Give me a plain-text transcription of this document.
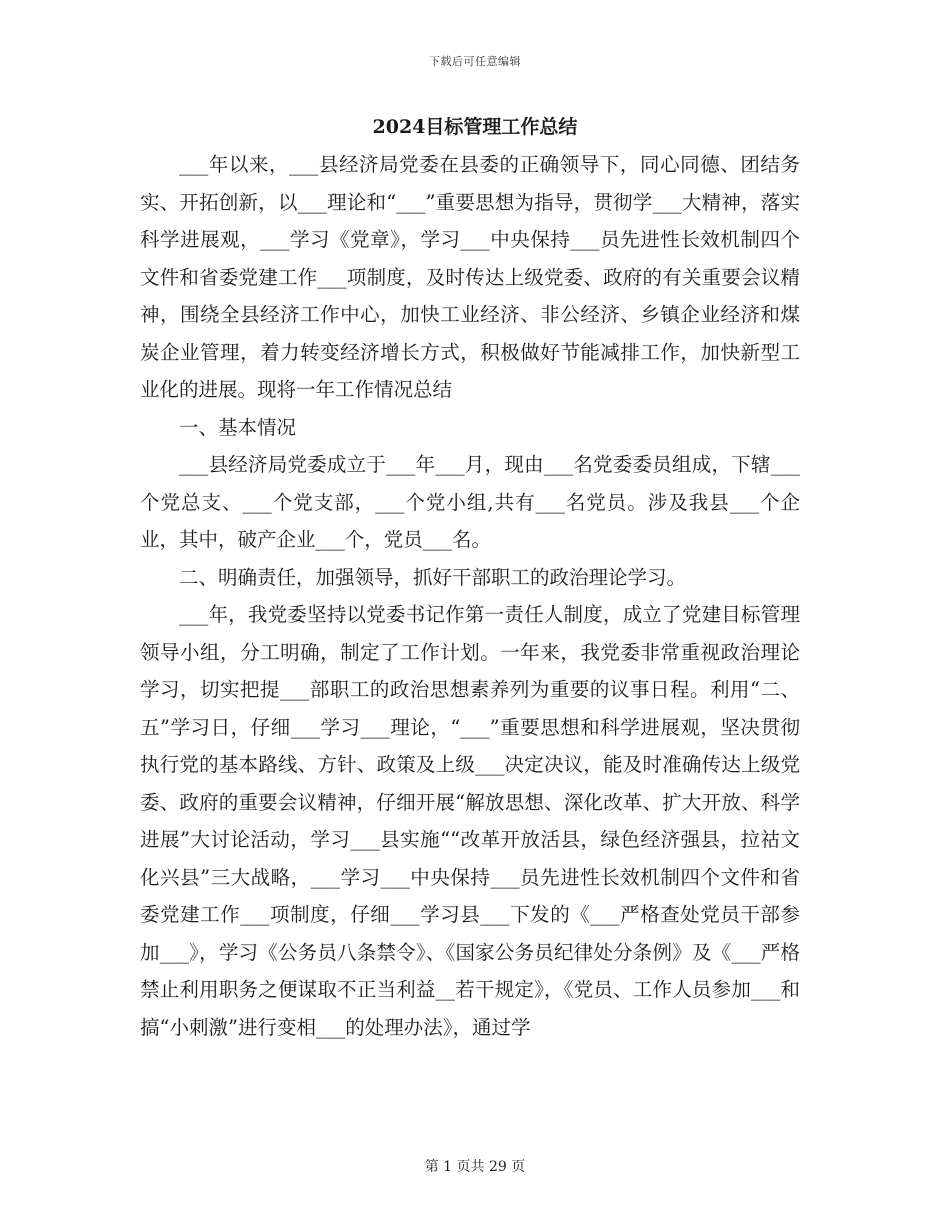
下载后可任意编辑
2024目标管理工作总结

___年以来，___县经济局党委在县委的正确领导下，同心同德、团结务实、开拓创新，以___理论和“___”重要思想为指导，贯彻学___大精神，落实科学进展观，___学习《党章》，学习___中央保持___员先进性长效机制四个文件和省委党建工作___项制度，及时传达上级党委、政府的有关重要会议精神，围绕全县经济工作中心，加快工业经济、非公经济、乡镇企业经济和煤炭企业管理，着力转变经济增长方式，积极做好节能减排工作，加快新型工业化的进展。现将一年工作情况总结

一、基本情况

___县经济局党委成立于___年___月，现由___名党委委员组成，下辖___个党总支、___个党支部，___个党小组,共有___名党员。涉及我县___个企业，其中，破产企业___个，党员___名。

二、明确责任，加强领导，抓好干部职工的政治理论学习。

___年，我党委坚持以党委书记作第一责任人制度，成立了党建目标管理领导小组，分工明确，制定了工作计划。一年来，我党委非常重视政治理论学习，切实把提___部职工的政治思想素养列为重要的议事日程。利用“二、五”学习日，仔细___学习___理论，“___”重要思想和科学进展观，坚决贯彻执行党的基本路线、方针、政策及上级___决定决议，能及时准确传达上级党委、政府的重要会议精神，仔细开展“解放思想、深化改革、扩大开放、科学进展”大讨论活动，学习___县实施““改革开放活县，绿色经济强县，拉祜文化兴县”三大战略，___学习___中央保持___员先进性长效机制四个文件和省委党建工作___项制度，仔细___学习县___下发的《___严格查处党员干部参加___》，学习《公务员八条禁令》、《国家公务员纪律处分条例》及《___严格禁止利用职务之便谋取不正当利益__若干规定》，《党员、工作人员参加___和搞“小刺激”进行变相___的处理办法》，通过学

第 1 页共 29 页
